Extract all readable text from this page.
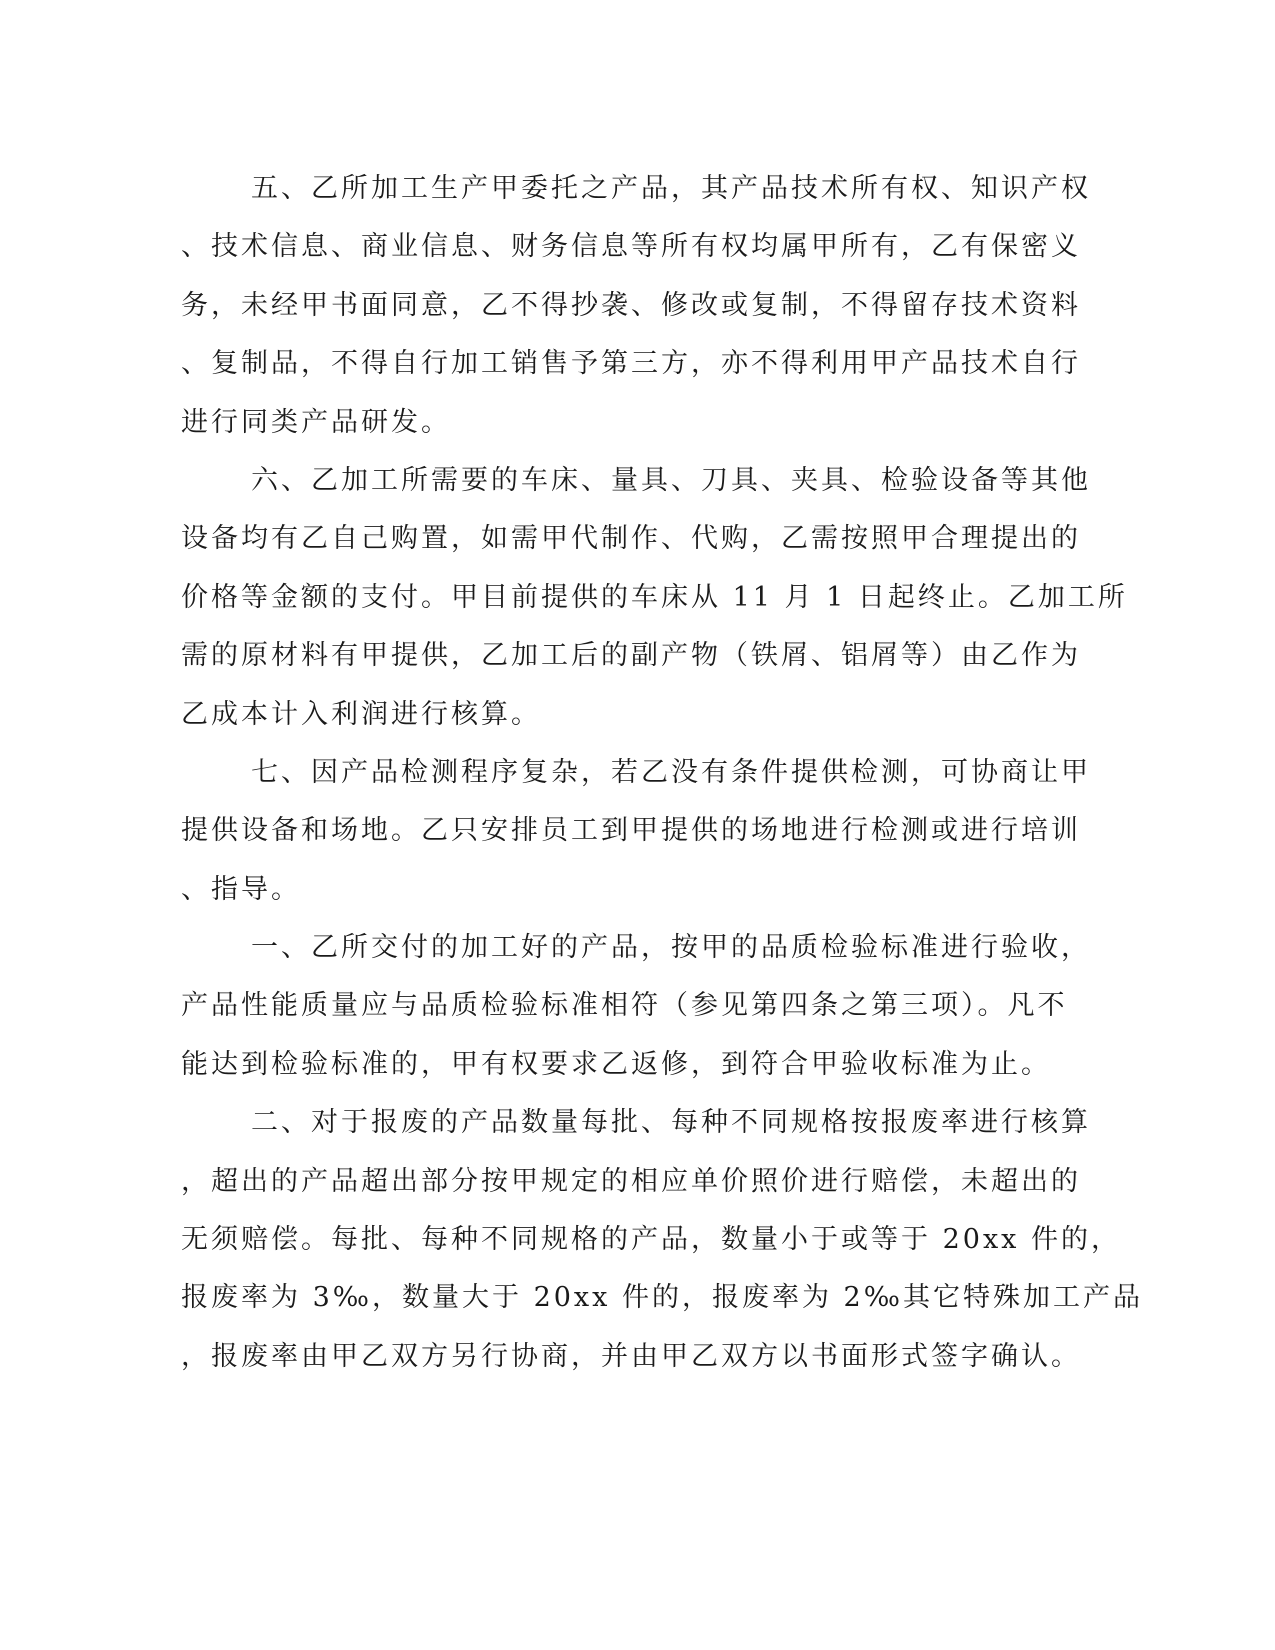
五、乙所加工生产甲委托之产品，其产品技术所有权、知识产权
、技术信息、商业信息、财务信息等所有权均属甲所有，乙有保密义
务，未经甲书面同意，乙不得抄袭、修改或复制，不得留存技术资料
、复制品，不得自行加工销售予第三方，亦不得利用甲产品技术自行
进行同类产品研发。
六、乙加工所需要的车床、量具、刀具、夹具、检验设备等其他
设备均有乙自己购置，如需甲代制作、代购，乙需按照甲合理提出的
价格等金额的支付。甲目前提供的车床从 11 月 1 日起终止。乙加工所
需的原材料有甲提供，乙加工后的副产物（铁屑、铝屑等）由乙作为
乙成本计入利润进行核算。
七、因产品检测程序复杂，若乙没有条件提供检测，可协商让甲
提供设备和场地。乙只安排员工到甲提供的场地进行检测或进行培训
、指导。
一、乙所交付的加工好的产品，按甲的品质检验标准进行验收，
产品性能质量应与品质检验标准相符（参见第四条之第三项）。凡不
能达到检验标准的，甲有权要求乙返修，到符合甲验收标准为止。
二、对于报废的产品数量每批、每种不同规格按报废率进行核算
，超出的产品超出部分按甲规定的相应单价照价进行赔偿，未超出的
无须赔偿。每批、每种不同规格的产品，数量小于或等于 20xx 件的，
报废率为 3‰，数量大于 20xx 件的，报废率为 2‰其它特殊加工产品
，报废率由甲乙双方另行协商，并由甲乙双方以书面形式签字确认。
